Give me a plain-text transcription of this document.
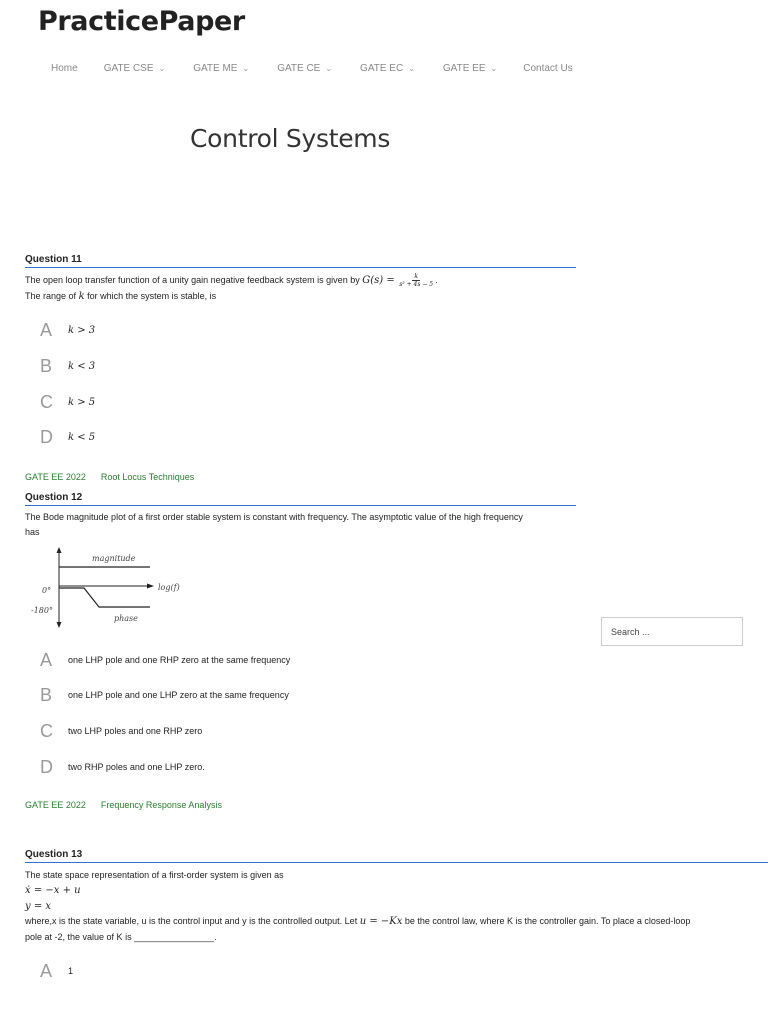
PracticePaper
Home	GATE CSE ⌄	GATE ME ⌄	GATE CE ⌄	GATE EC ⌄	GATE EE ⌄	Contact Us
Control Systems
Question 11
The open loop transfer function of a unity gain negative feedback system is given by $G(s) = \frac{k}{\text{s² + 4s − 5}}$ .
The range of k for which the system is stable, is
A	k > 3
B	k < 3
C	k > 5
D	k < 5
GATE EE 2022 Root Locus Techniques
Question 12
The Bode magnitude plot of a first order stable system is constant with frequency. The asymptotic value of the high frequency
has
magnitude
log(f)
0°
-180°
phase
A	one LHP pole and one RHP zero at the same frequency
B	one LHP pole and one LHP zero at the same frequency
C	two LHP poles and one RHP zero
D	two RHP poles and one LHP zero.
GATE EE 2022 Frequency Response Analysis
Search ...
Question 13
The state space representation of a first-order system is given as
ẋ = −x + u
y = x
where,x is the state variable, u is the control input and y is the controlled output. Let u = −Kx be the control law, where K is the controller gain. To place a closed-loop
pole at -2, the value of K is ________________.
A	1
